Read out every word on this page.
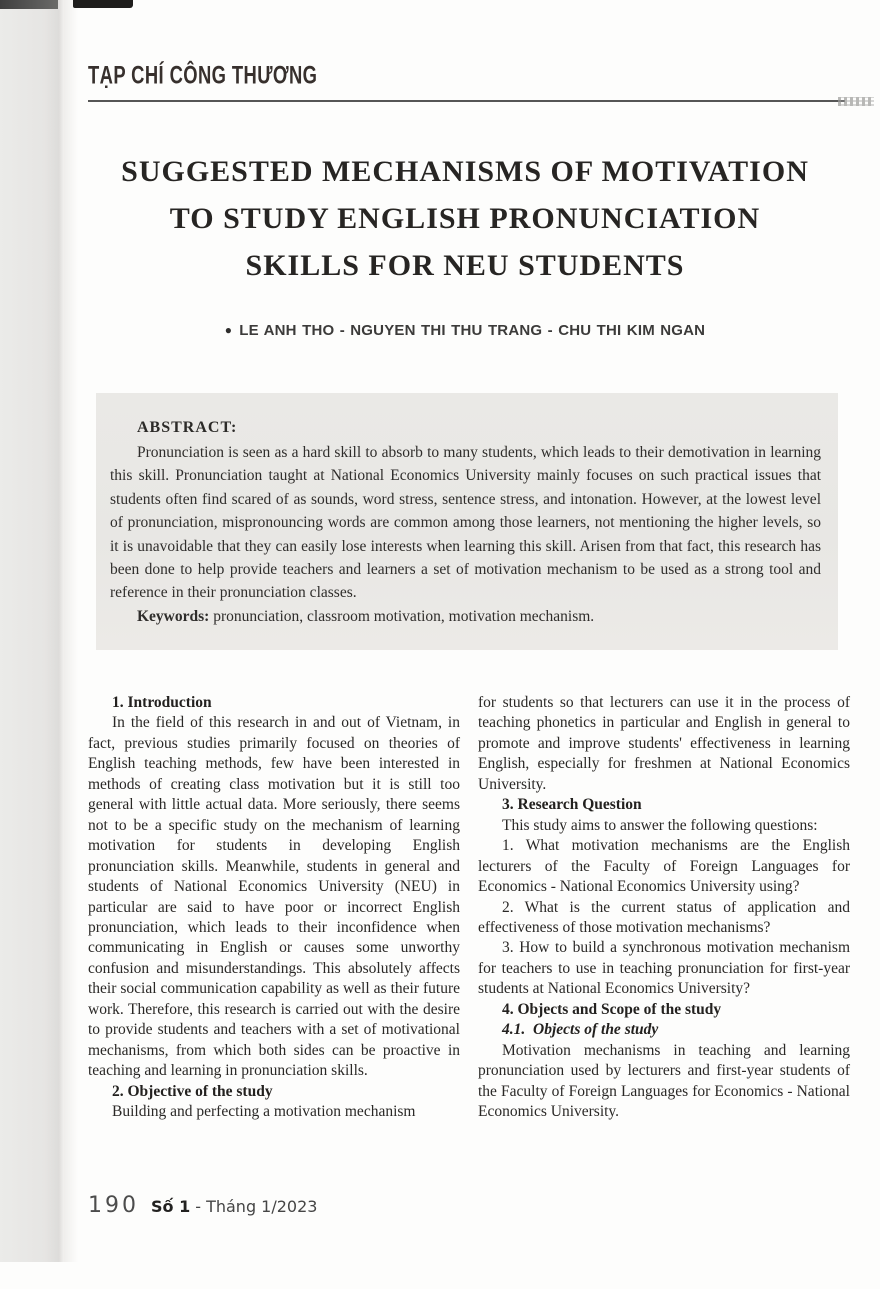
TẠP CHÍ CÔNG THƯƠNG
SUGGESTED MECHANISMS OF MOTIVATION
TO STUDY ENGLISH PRONUNCIATION
SKILLS FOR NEU STUDENTS
● LE ANH THO - NGUYEN THI THU TRANG - CHU THI KIM NGAN
ABSTRACT:

Pronunciation is seen as a hard skill to absorb to many students, which leads to their demotivation in learning this skill. Pronunciation taught at National Economics University mainly focuses on such practical issues that students often find scared of as sounds, word stress, sentence stress, and intonation. However, at the lowest level of pronunciation, mispronouncing words are common among those learners, not mentioning the higher levels, so it is unavoidable that they can easily lose interests when learning this skill. Arisen from that fact, this research has been done to help provide teachers and learners a set of motivation mechanism to be used as a strong tool and reference in their pronunciation classes.

Keywords: pronunciation, classroom motivation, motivation mechanism.

1. Introduction

In the field of this research in and out of Vietnam, in fact, previous studies primarily focused on theories of English teaching methods, few have been interested in methods of creating class motivation but it is still too general with little actual data. More seriously, there seems not to be a specific study on the mechanism of learning motivation for students in developing English pronunciation skills. Meanwhile, students in general and students of National Economics University (NEU) in particular are said to have poor or incorrect English pronunciation, which leads to their inconfidence when communicating in English or causes some unworthy confusion and misunderstandings. This absolutely affects their social communication capability as well as their future work. Therefore, this research is carried out with the desire to provide students and teachers with a set of motivational mechanisms, from which both sides can be proactive in teaching and learning in pronunciation skills.

2. Objective of the study

Building and perfecting a motivation mechanism

for students so that lecturers can use it in the process of teaching phonetics in particular and English in general to promote and improve students' effectiveness in learning English, especially for freshmen at National Economics University.

3. Research Question

This study aims to answer the following questions:

1. What motivation mechanisms are the English lecturers of the Faculty of Foreign Languages for Economics - National Economics University using?

2. What is the current status of application and effectiveness of those motivation mechanisms?

3. How to build a synchronous motivation mechanism for teachers to use in teaching pronunciation for first-year students at National Economics University?

4. Objects and Scope of the study
4.1.  Objects of the study

Motivation mechanisms in teaching and learning pronunciation used by lecturers and first-year students of the Faculty of Foreign Languages for Economics - National Economics University.

190 Số 1 - Tháng 1/2023
